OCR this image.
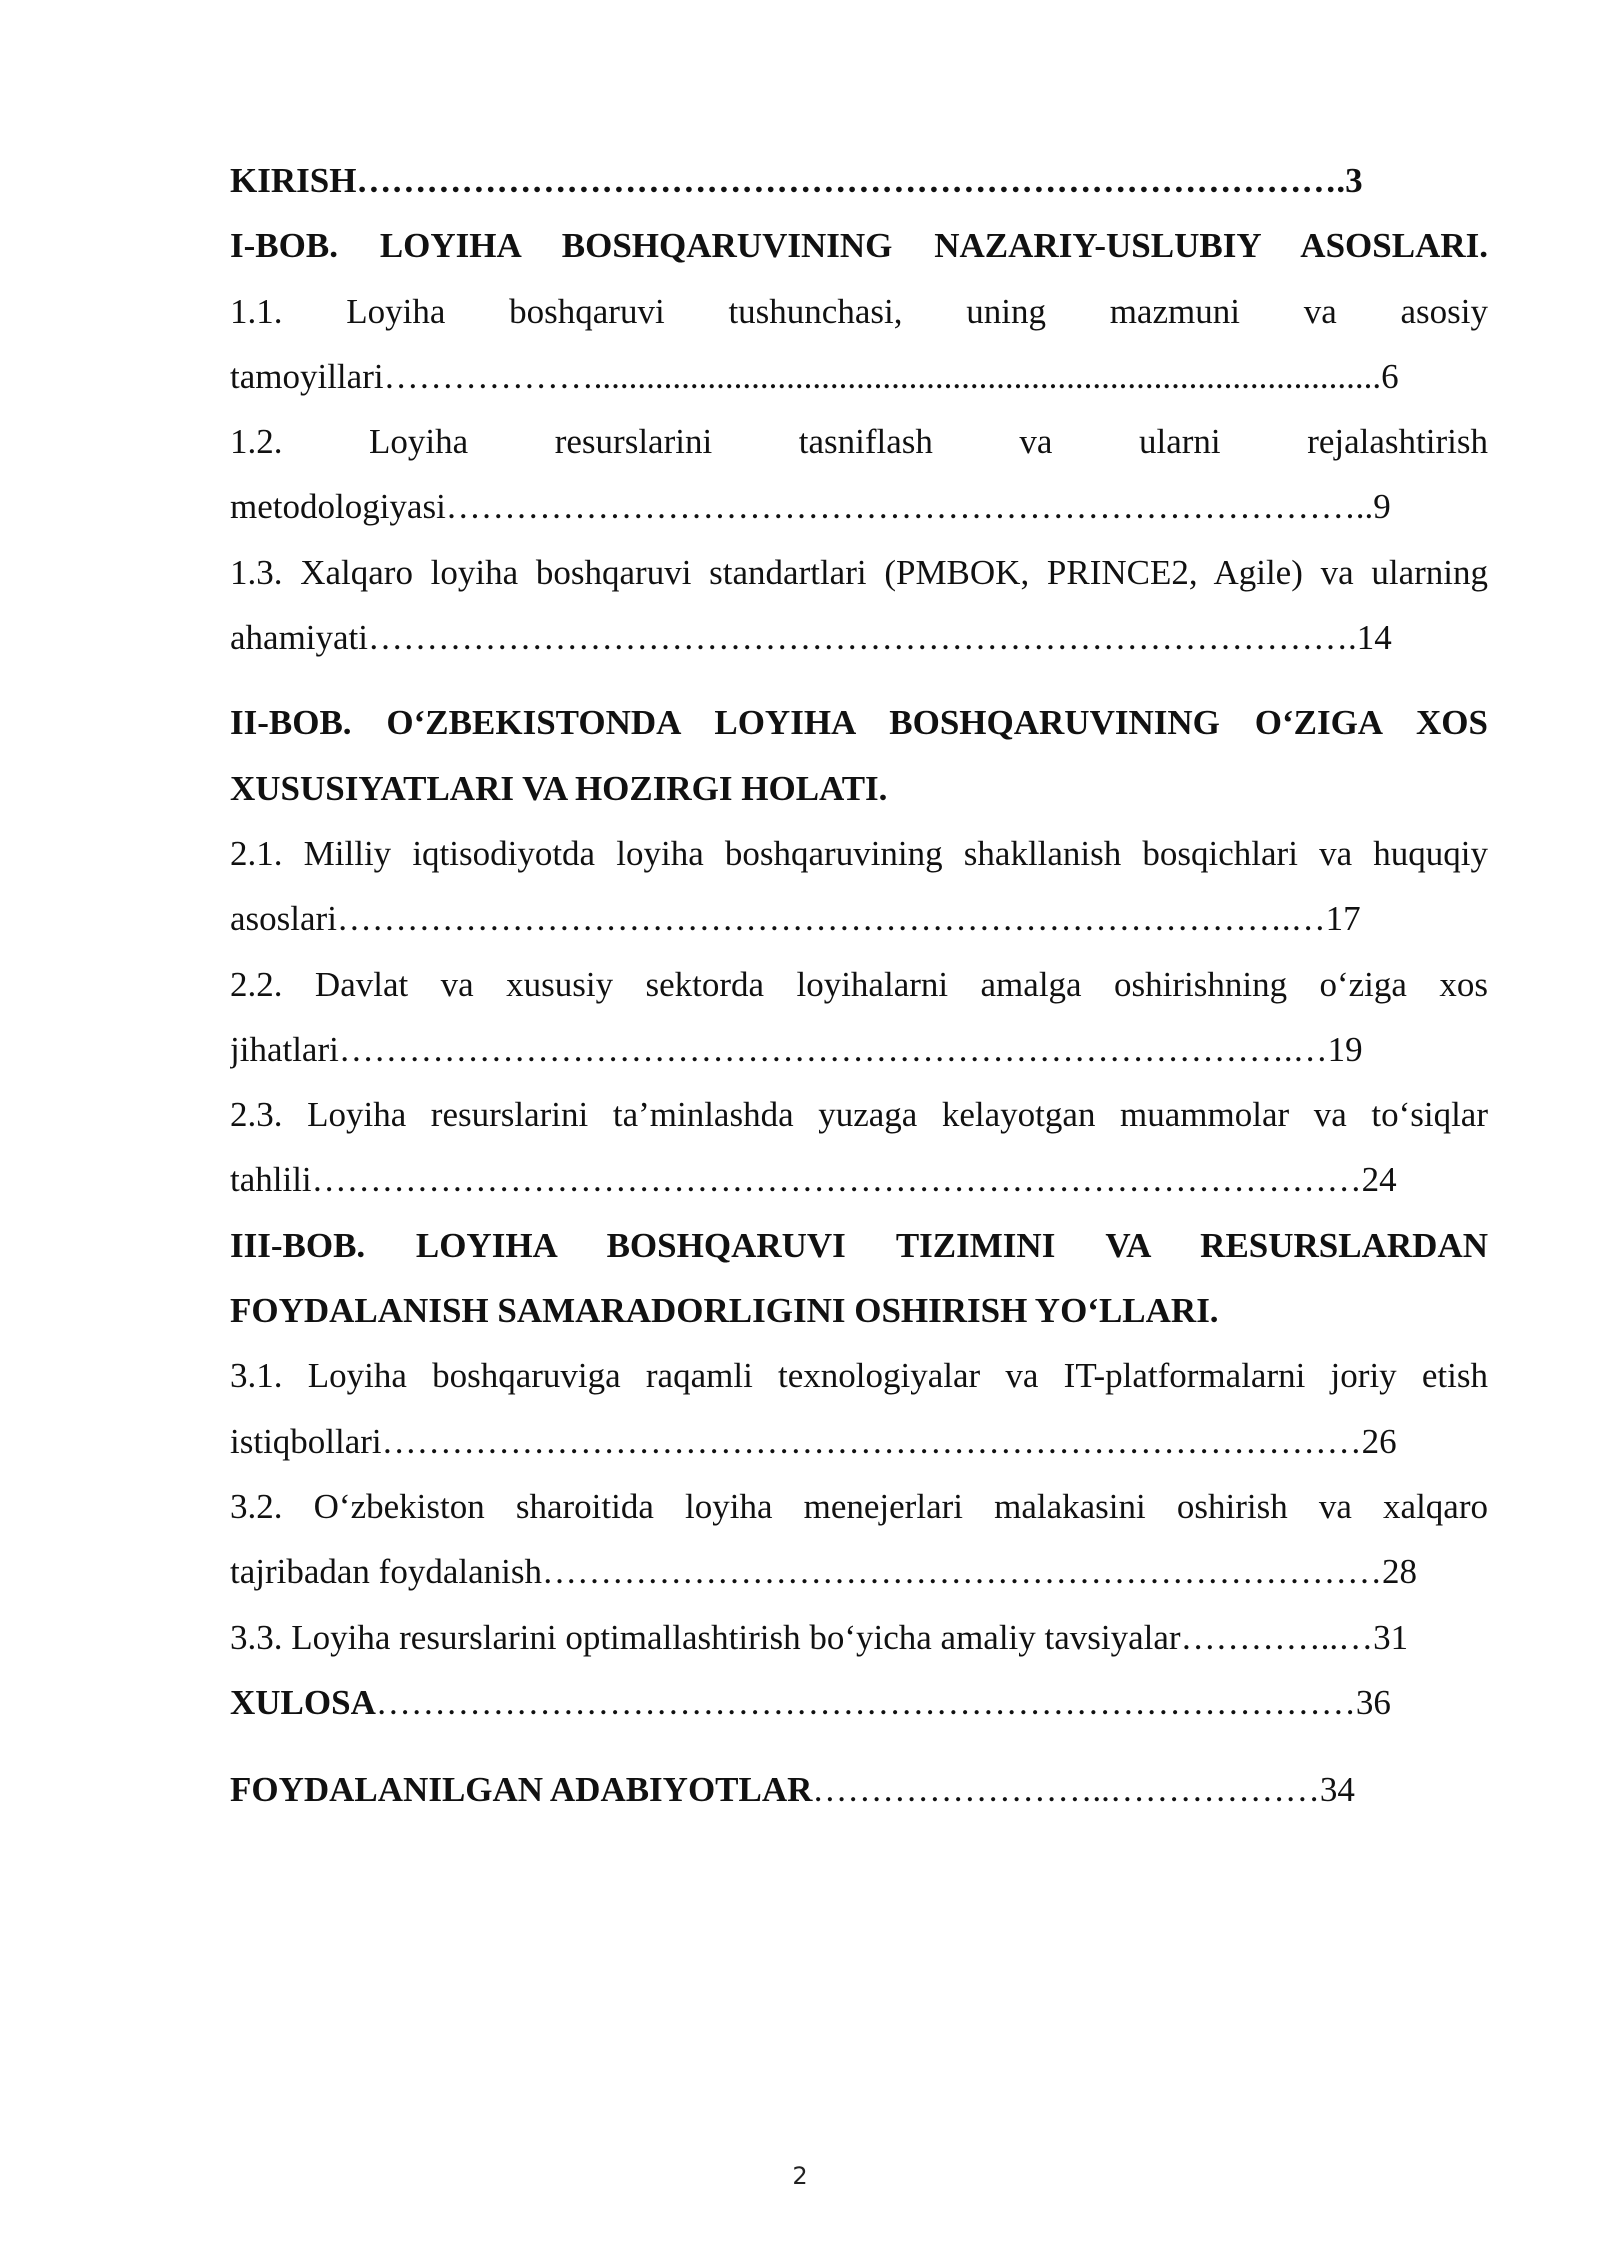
KIRISH………………………………………………………………………….3
I-BOB. LOYIHA BOSHQARUVINING NAZARIY-USLUBIY ASOSLARI.
1.1. Loyiha boshqaruvi tushunchasi, uning mazmuni va asosiy
tamoyillari………………..........................................................................................6
1.2. Loyiha resurslarini tasniflash va ularni rejalashtirish
metodologiyasi……………………………………………………………………..9
1.3. Xalqaro loyiha boshqaruvi standartlari (PMBOK, PRINCE2, Agile) va ularning
ahamiyati………………………………………………………………………….14
II-BOB. O‘ZBEKISTONDA LOYIHA BOSHQARUVINING O‘ZIGA XOS
XUSUSIYATLARI VA HOZIRGI HOLATI.
2.1. Milliy iqtisodiyotda loyiha boshqaruvining shakllanish bosqichlari va huquqiy
asoslari……………………………………………………………………….…17
2.2. Davlat va xususiy sektorda loyihalarni amalga oshirishning o‘ziga xos
jihatlari……………………………………………………………………….…19
2.3. Loyiha resurslarini ta’minlashda yuzaga kelayotgan muammolar va to‘siqlar
tahlili………………………………………………………………………………24
III-BOB. LOYIHA BOSHQARUVI TIZIMINI VA RESURSLARDAN
FOYDALANISH SAMARADORLIGINI OSHIRISH YO‘LLARI.
3.1. Loyiha boshqaruviga raqamli texnologiyalar va IT-platformalarni joriy etish
istiqbollari…………………………………………………………………………26
3.2. O‘zbekiston sharoitida loyiha menejerlari malakasini oshirish va xalqaro
tajribadan foydalanish………………………………………………………………28
3.3. Loyiha resurslarini optimallashtirish bo‘yicha amaliy tavsiyalar…………..…31
XULOSA…………………………………………………………………………36
FOYDALANILGAN ADABIYOTLAR……………………..………………34
2
